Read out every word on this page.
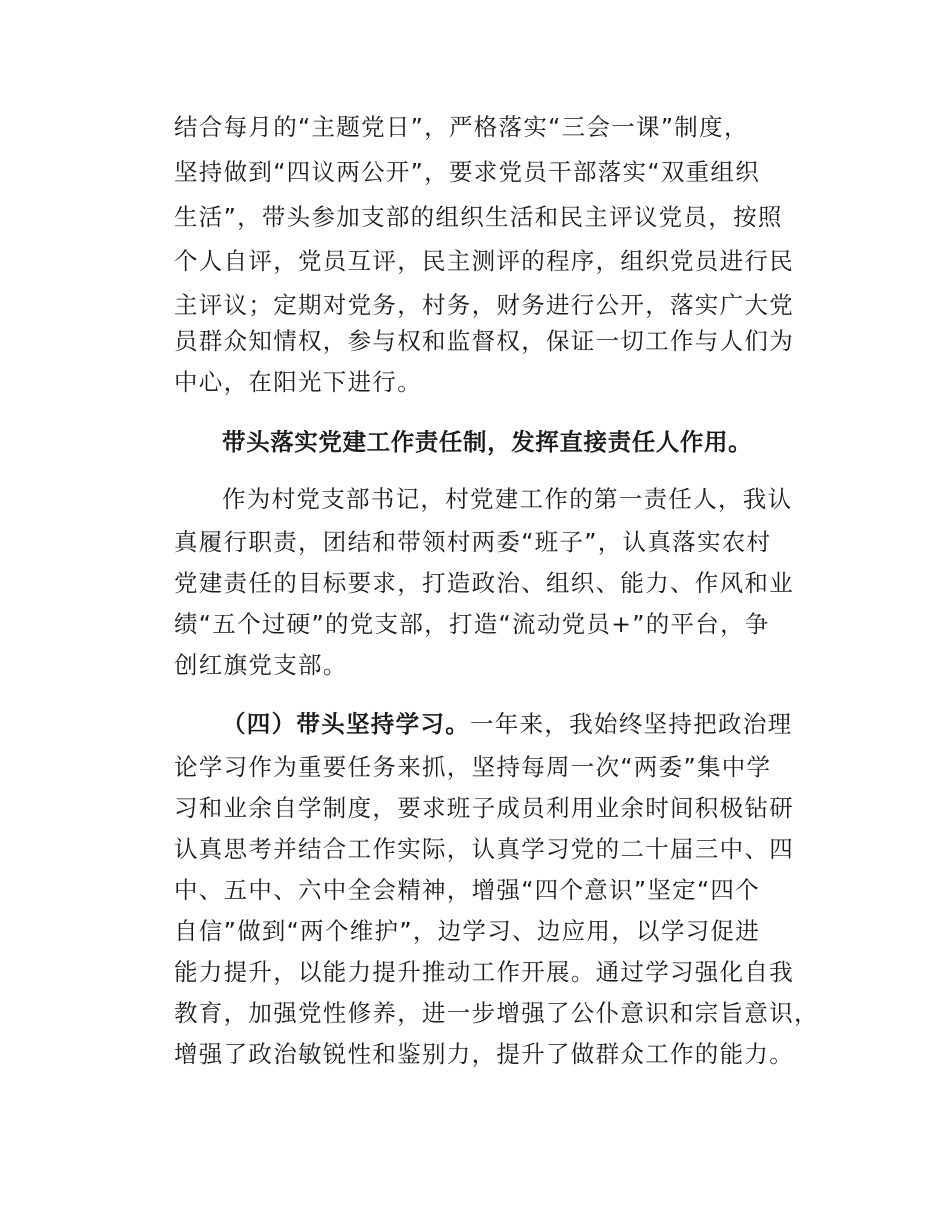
结合每月的“主题党日”，严格落实“三会一课”制度，
坚持做到“四议两公开”，要求党员干部落实“双重组织
生活”，带头参加支部的组织生活和民主评议党员，按照
个人自评，党员互评，民主测评的程序，组织党员进行民
主评议；定期对党务，村务，财务进行公开，落实广大党
员群众知情权，参与权和监督权，保证一切工作与人们为
中心，在阳光下进行。
带头落实党建工作责任制，发挥直接责任人作用。
作为村党支部书记，村党建工作的第一责任人，我认
真履行职责，团结和带领村两委“班子”，认真落实农村
党建责任的目标要求，打造政治、组织、能力、作风和业
绩“五个过硬”的党支部，打造“流动党员+”的平台，争
创红旗党支部。
（四）带头坚持学习。一年来，我始终坚持把政治理
论学习作为重要任务来抓，坚持每周一次“两委”集中学
习和业余自学制度，要求班子成员利用业余时间积极钻研
认真思考并结合工作实际，认真学习党的二十届三中、四
中、五中、六中全会精神，增强“四个意识”坚定“四个
自信”做到“两个维护”，边学习、边应用，以学习促进
能力提升，以能力提升推动工作开展。通过学习强化自我
教育，加强党性修养，进一步增强了公仆意识和宗旨意识，
增强了政治敏锐性和鉴别力，提升了做群众工作的能力。
